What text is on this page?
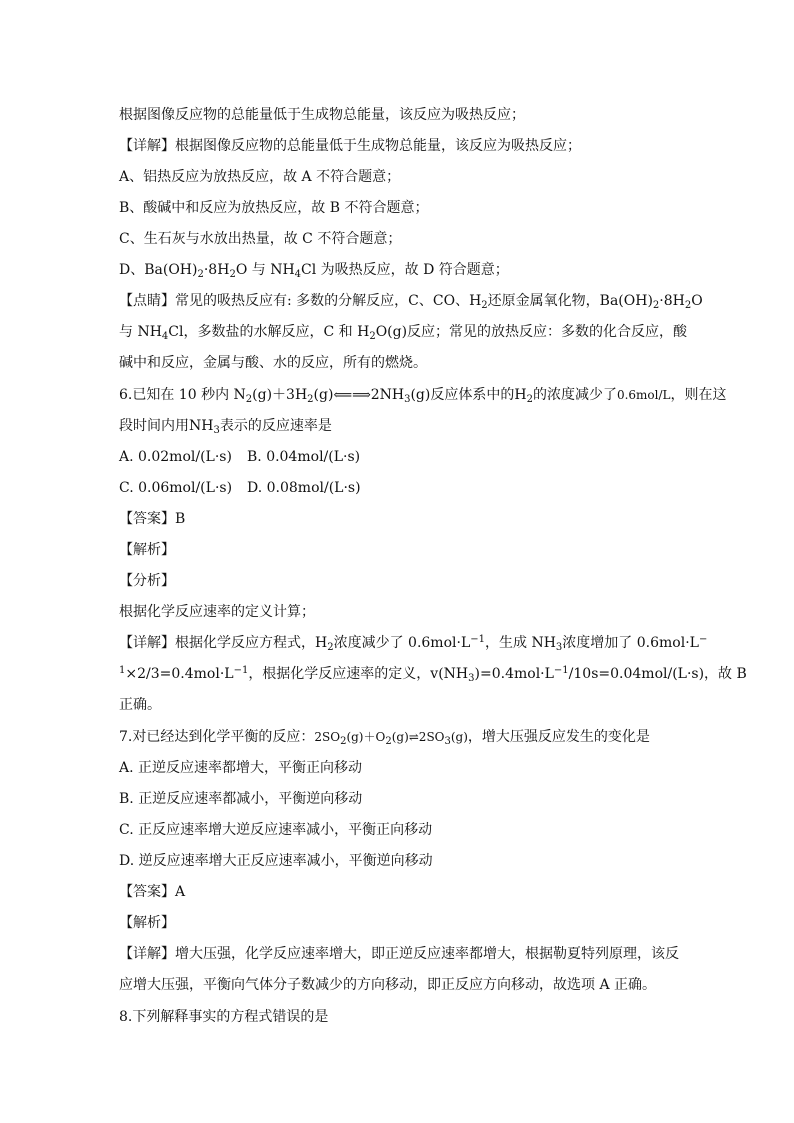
根据图像反应物的总能量低于生成物总能量，该反应为吸热反应；
【详解】根据图像反应物的总能量低于生成物总能量，该反应为吸热反应；
A、铝热反应为放热反应，故 A 不符合题意；
B、酸碱中和反应为放热反应，故 B 不符合题意；
C、生石灰与水放出热量，故 C 不符合题意；
D、$Ba(OH)_2\cdot 8H_2O$ 与 $NH_4Cl$ 为吸热反应，故 D 符合题意；
【点睛】常见的吸热反应有: 多数的分解反应，C、CO、$H_2$还原金属氧化物，$Ba(OH)_2\cdot 8H_2O$
与 $NH_4Cl$，多数盐的水解反应，C 和 $H_2O(g)$反应；常见的放热反应：多数的化合反应，酸
碱中和反应，金属与酸、水的反应，所有的燃烧。
6.已知在 10 秒内 $N_2(g)+3H_2(g)⟸⟹2NH_3(g)$反应体系中的$H_2$的浓度减少了0.6mol/L，则在这
段时间内用$NH_3$表示的反应速率是
A. 0.02mol/(L·s) B. 0.04mol/(L·s)
C. 0.06mol/(L·s) D. 0.08mol/(L·s)
【答案】B
【解析】
【分析】
根据化学反应速率的定义计算；
【详解】根据化学反应方程式，$H_2$浓度减少了 $0.6mol\cdot L^{-1}$，生成 $NH_3$浓度增加了 0.6mol·L−
$^1\times 2/3=0.4mol\cdot L^{-1}$，根据化学反应速率的定义，$v(NH_3)=0.4mol\cdot L^{-1}/10s=0.04mol/(L\cdot s)$，故 B
正确。
7.对已经达到化学平衡的反应：$2SO_2(g)+O_2(g)\rightleftharpoons 2SO_3(g)$，增大压强反应发生的变化是
A. 正逆反应速率都增大，平衡正向移动
B. 正逆反应速率都减小，平衡逆向移动
C. 正反应速率增大逆反应速率减小，平衡正向移动
D. 逆反应速率增大正反应速率减小，平衡逆向移动
【答案】A
【解析】
【详解】增大压强，化学反应速率增大，即正逆反应速率都增大，根据勒夏特列原理，该反
应增大压强，平衡向气体分子数减少的方向移动，即正反应方向移动，故选项 A 正确。
8.下列解释事实的方程式错误的是
